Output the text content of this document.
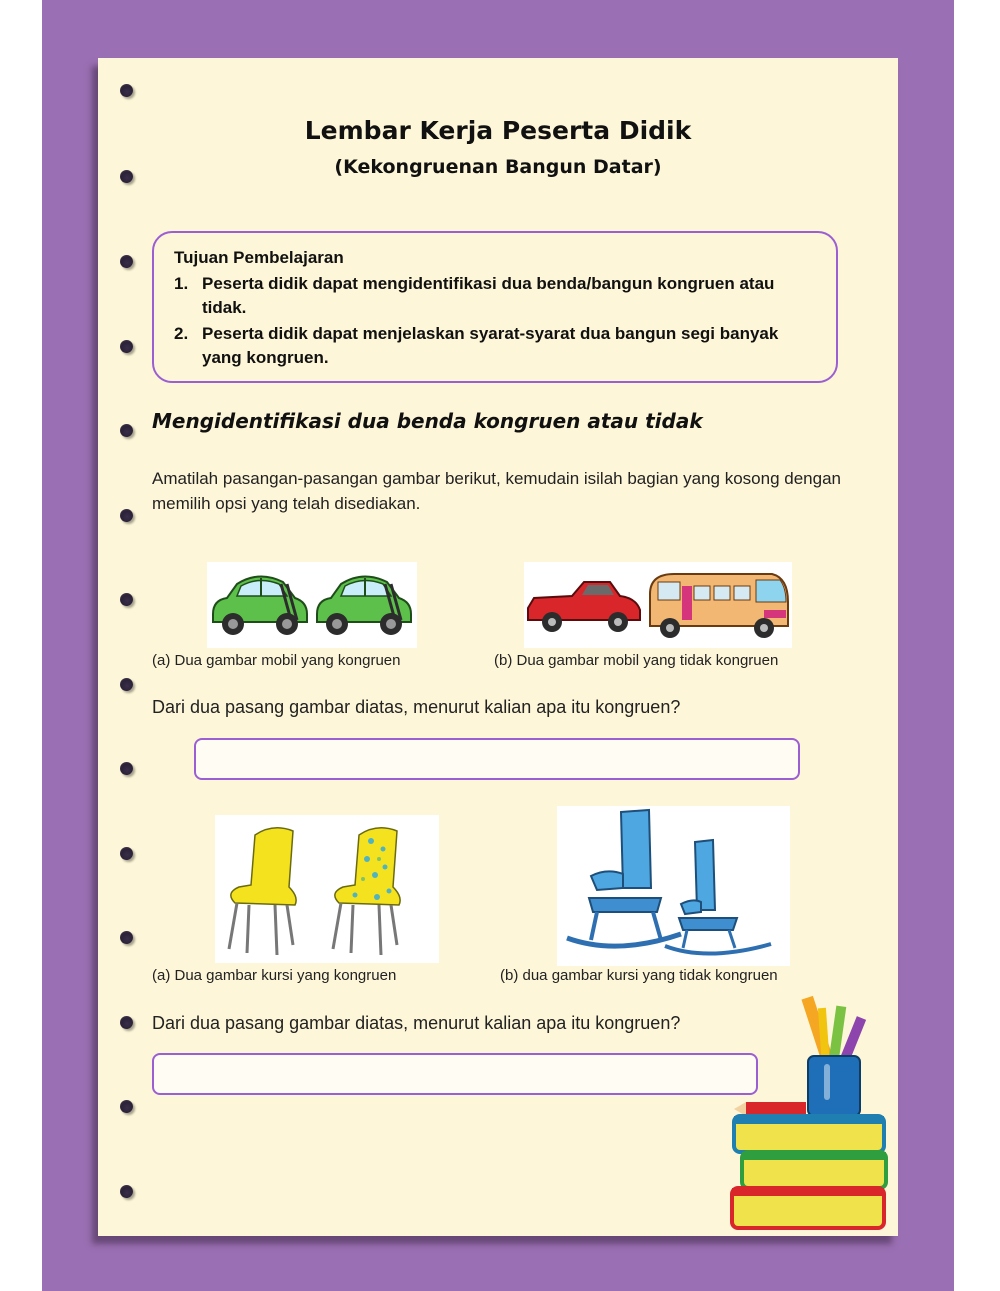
Lembar Kerja Peserta Didik
(Kekongruenan Bangun Datar)
Tujuan Pembelajaran
1. Peserta didik dapat mengidentifikasi dua benda/bangun kongruen atau tidak.
2. Peserta didik dapat menjelaskan syarat-syarat dua bangun segi banyak yang kongruen.
Mengidentifikasi dua benda kongruen atau tidak
Amatilah pasangan-pasangan gambar berikut, kemudain isilah bagian yang kosong dengan memilih opsi yang telah disediakan.
(a) Dua gambar mobil yang kongruen	(b) Dua gambar mobil yang tidak kongruen
Dari dua pasang gambar diatas, menurut kalian apa itu kongruen?
(a) Dua gambar kursi yang kongruen	(b) dua gambar kursi yang tidak kongruen
Dari dua pasang gambar diatas, menurut kalian apa itu kongruen?
